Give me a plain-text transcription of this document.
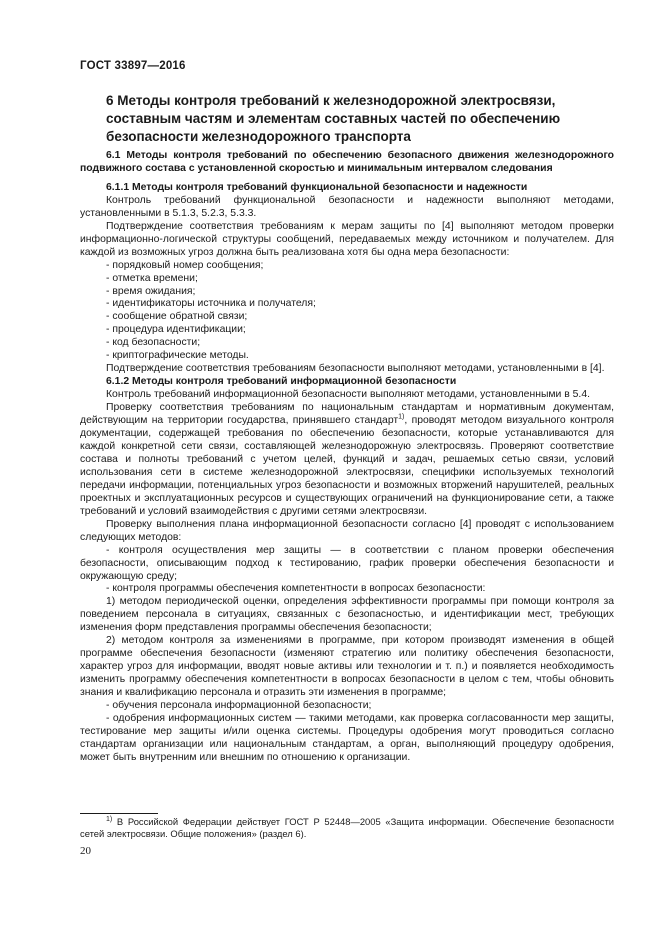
ГОСТ 33897—2016
6 Методы контроля требований к железнодорожной электросвязи, составным частям и элементам составных частей по обеспечению безопасности железнодорожного транспорта

6.1 Методы контроля требований по обеспечению безопасного движения железнодорожного подвижного состава с установленной скоростью и минимальным интервалом следования

6.1.1 Методы контроля требований функциональной безопасности и надежности

Контроль требований функциональной безопасности и надежности выполняют методами, установленными в 5.1.3, 5.2.3, 5.3.3.

Подтверждение соответствия требованиям к мерам защиты по [4] выполняют методом проверки информационно-логической структуры сообщений, передаваемых между источником и получателем. Для каждой из возможных угроз должна быть реализована хотя бы одна мера безопасности:

- порядковый номер сообщения;

- отметка времени;

- время ожидания;

- идентификаторы источника и получателя;

- сообщение обратной связи;

- процедура идентификации;

- код безопасности;

- криптографические методы.

Подтверждение соответствия требованиям безопасности выполняют методами, установленными в [4].

6.1.2 Методы контроля требований информационной безопасности

Контроль требований информационной безопасности выполняют методами, установленными в 5.4.

Проверку соответствия требованиям по национальным стандартам и нормативным документам, действующим на территории государства, принявшего стандарт$^{1)}$, проводят методом визуального контроля документации, содержащей требования по обеспечению безопасности, которые устанавливаются для каждой конкретной сети связи, составляющей железнодорожную электросвязь. Проверяют соответствие состава и полноты требований с учетом целей, функций и задач, решаемых сетью связи, условий использования сети в системе железнодорожной электросвязи, специфики используемых технологий передачи информации, потенциальных угроз безопасности и возможных вторжений нарушителей, реальных проектных и эксплуатационных ресурсов и существующих ограничений на функционирование сети, а также требований и условий взаимодействия с другими сетями электросвязи.

Проверку выполнения плана информационной безопасности согласно [4] проводят с использованием следующих методов:

- контроля осуществления мер защиты — в соответствии с планом проверки обеспечения безопасности, описывающим подход к тестированию, график проверки обеспечения безопасности и окружающую среду;

- контроля программы обеспечения компетентности в вопросах безопасности:

1) методом периодической оценки, определения эффективности программы при помощи контроля за поведением персонала в ситуациях, связанных с безопасностью, и идентификации мест, требующих изменения форм представления программы обеспечения безопасности;

2) методом контроля за изменениями в программе, при котором производят изменения в общей программе обеспечения безопасности (изменяют стратегию или политику обеспечения безопасности, характер угроз для информации, вводят новые активы или технологии и т. п.) и появляется необходимость изменить программу обеспечения компетентности в вопросах безопасности в целом с тем, чтобы обновить знания и квалификацию персонала и отразить эти изменения в программе;

- обучения персонала информационной безопасности;

- одобрения информационных систем — такими методами, как проверка согласованности мер защиты, тестирование мер защиты и/или оценка системы. Процедуры одобрения могут проводиться согласно стандартам организации или национальным стандартам, а орган, выполняющий процедуру одобрения, может быть внутренним или внешним по отношению к организации.

$^{1)}$ В Российской Федерации действует ГОСТ Р 52448—2005 «Защита информации. Обеспечение безопасности сетей электросвязи. Общие положения» (раздел 6).
20
